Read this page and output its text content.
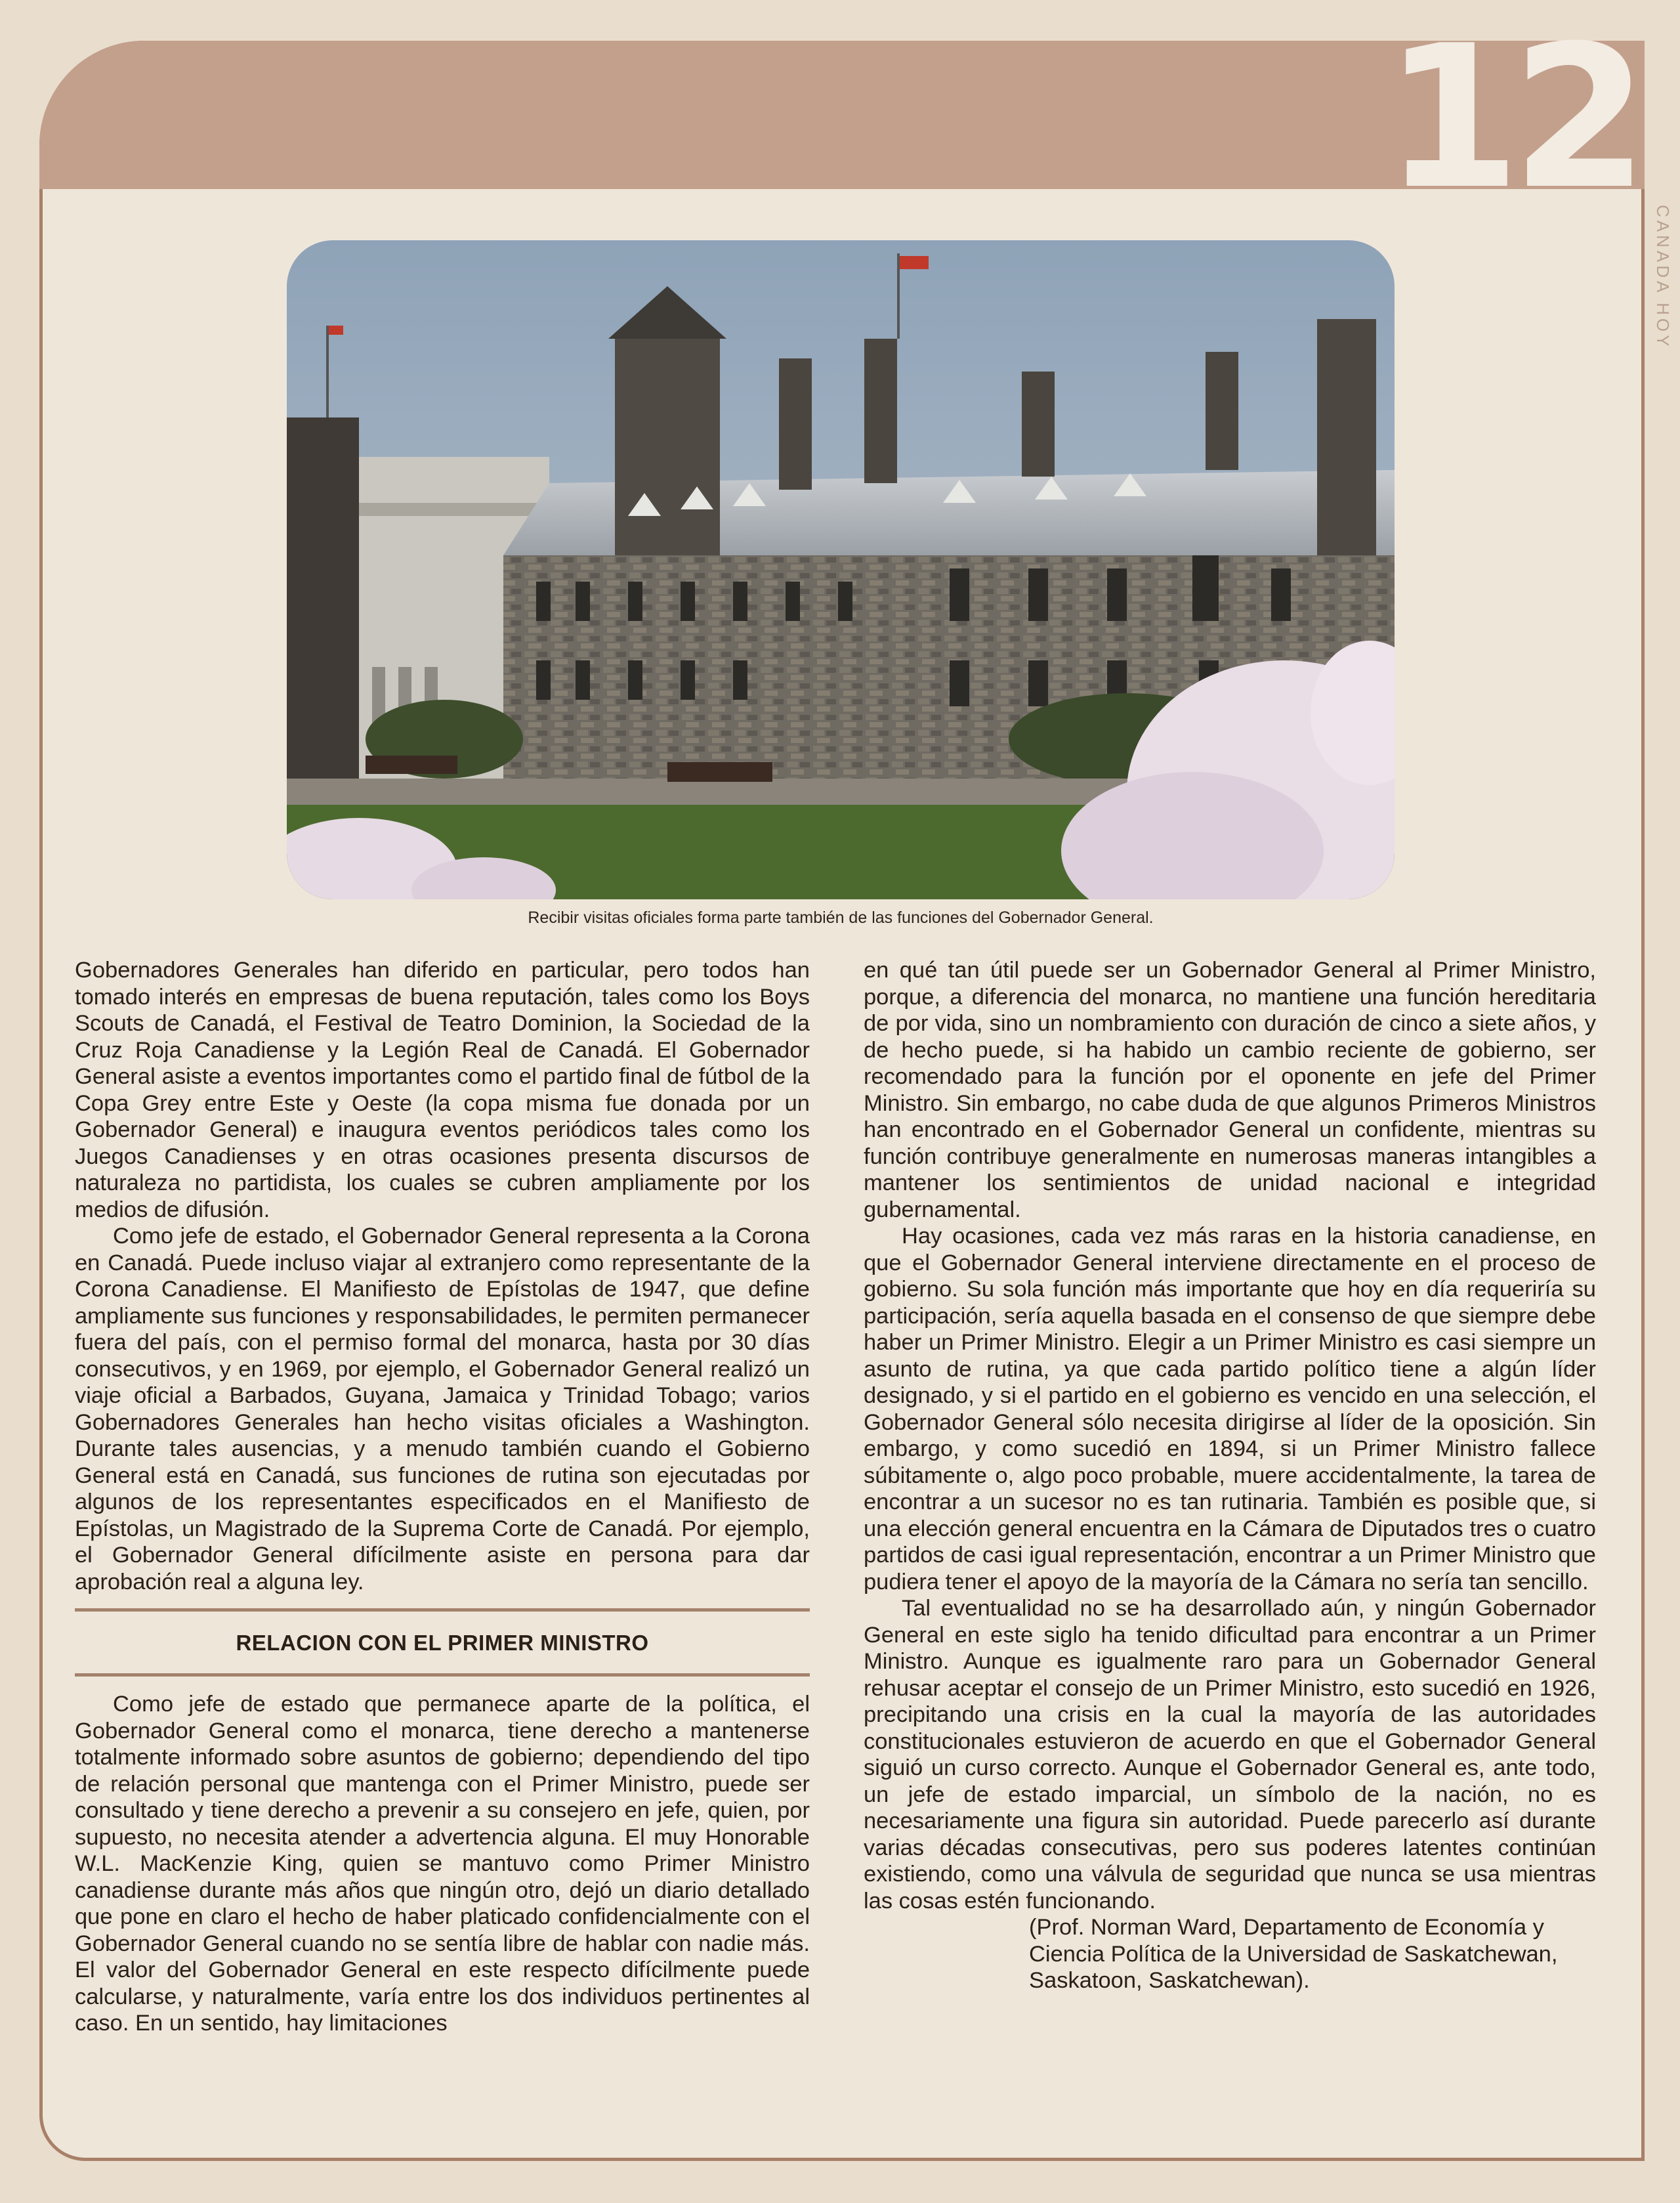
12
CANADA HOY
Recibir visitas oficiales forma parte también de las funciones del Gobernador General.

Gobernadores Generales han diferido en particular, pero todos han tomado interés en empresas de buena reputación, tales como los Boys Scouts de Canadá, el Festival de Teatro Dominion, la Sociedad de la Cruz Roja Canadiense y la Legión Real de Canadá. El Gobernador General asiste a eventos importantes como el partido final de fútbol de la Copa Grey entre Este y Oeste (la copa misma fue donada por un Gobernador General) e inaugura eventos periódicos tales como los Juegos Canadienses y en otras ocasiones presenta discursos de naturaleza no partidista, los cuales se cubren ampliamente por los medios de difusión.

Como jefe de estado, el Gobernador General representa a la Corona en Canadá. Puede incluso viajar al extranjero como representante de la Corona Canadiense. El Manifiesto de Epístolas de 1947, que define ampliamente sus funciones y responsabilidades, le permiten permanecer fuera del país, con el permiso formal del monarca, hasta por 30 días consecutivos, y en 1969, por ejemplo, el Gobernador General realizó un viaje oficial a Barbados, Guyana, Jamaica y Trinidad Tobago; varios Gobernadores Generales han hecho visitas oficiales a Washington. Durante tales ausencias, y a menudo también cuando el Gobierno General está en Canadá, sus funciones de rutina son ejecutadas por algunos de los representantes especificados en el Manifiesto de Epístolas, un Magistrado de la Suprema Corte de Canadá. Por ejemplo, el Gobernador General difícilmente asiste en persona para dar aprobación real a alguna ley.

RELACION CON EL PRIMER MINISTRO

Como jefe de estado que permanece aparte de la política, el Gobernador General como el monarca, tiene derecho a mantenerse totalmente informado sobre asuntos de gobierno; dependiendo del tipo de relación personal que mantenga con el Primer Ministro, puede ser consultado y tiene derecho a prevenir a su consejero en jefe, quien, por supuesto, no necesita atender a advertencia alguna. El muy Honorable W.L. MacKenzie King, quien se mantuvo como Primer Ministro canadiense durante más años que ningún otro, dejó un diario detallado que pone en claro el hecho de haber platicado confidencialmente con el Gobernador General cuando no se sentía libre de hablar con nadie más. El valor del Gobernador General en este respecto difícilmente puede calcularse, y naturalmente, varía entre los dos individuos pertinentes al caso. En un sentido, hay limitaciones

en qué tan útil puede ser un Gobernador General al Primer Ministro, porque, a diferencia del monarca, no mantiene una función hereditaria de por vida, sino un nombramiento con duración de cinco a siete años, y de hecho puede, si ha habido un cambio reciente de gobierno, ser recomendado para la función por el oponente en jefe del Primer Ministro. Sin embargo, no cabe duda de que algunos Primeros Ministros han encontrado en el Gobernador General un confidente, mientras su función contribuye generalmente en numerosas maneras intangibles a mantener los sentimientos de unidad nacional e integridad gubernamental.

Hay ocasiones, cada vez más raras en la historia canadiense, en que el Gobernador General interviene directamente en el proceso de gobierno. Su sola función más importante que hoy en día requeriría su participación, sería aquella basada en el consenso de que siempre debe haber un Primer Ministro. Elegir a un Primer Ministro es casi siempre un asunto de rutina, ya que cada partido político tiene a algún líder designado, y si el partido en el gobierno es vencido en una selección, el Gobernador General sólo necesita dirigirse al líder de la oposición. Sin embargo, y como sucedió en 1894, si un Primer Ministro fallece súbitamente o, algo poco probable, muere accidentalmente, la tarea de encontrar a un sucesor no es tan rutinaria. También es posible que, si una elección general encuentra en la Cámara de Diputados tres o cuatro partidos de casi igual representación, encontrar a un Primer Ministro que pudiera tener el apoyo de la mayoría de la Cámara no sería tan sencillo.

Tal eventualidad no se ha desarrollado aún, y ningún Gobernador General en este siglo ha tenido dificultad para encontrar a un Primer Ministro. Aunque es igualmente raro para un Gobernador General rehusar aceptar el consejo de un Primer Ministro, esto sucedió en 1926, precipitando una crisis en la cual la mayoría de las autoridades constitucionales estuvieron de acuerdo en que el Gobernador General siguió un curso correcto. Aunque el Gobernador General es, ante todo, un jefe de estado imparcial, un símbolo de la nación, no es necesariamente una figura sin autoridad. Puede parecerlo así durante varias décadas consecutivas, pero sus poderes latentes continúan existiendo, como una válvula de seguridad que nunca se usa mientras las cosas estén funcionando.

(Prof. Norman Ward, Departamento de Economía y Ciencia Política de la Universidad de Saskatchewan, Saskatoon, Saskatchewan).
